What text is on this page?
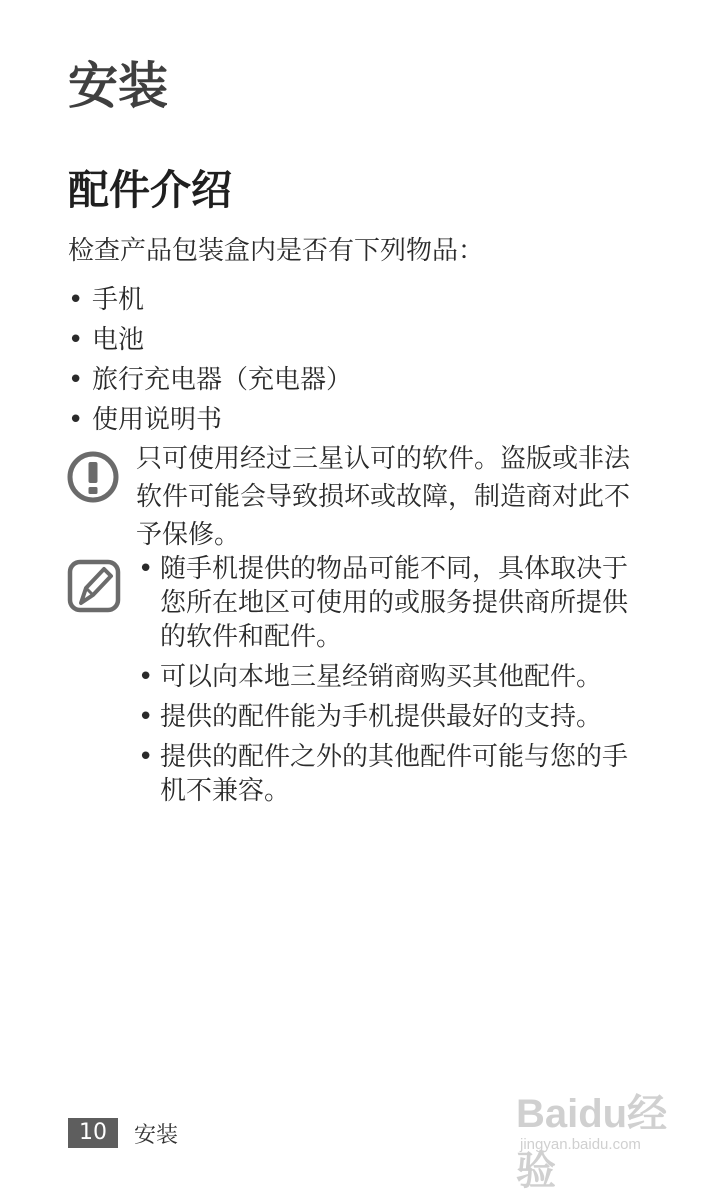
安装
配件介绍

检查产品包装盒内是否有下列物品：

• 手机
• 电池
• 旅行充电器（充电器）
• 使用说明书

只可使用经过三星认可的软件。盗版或非法软件可能会导致损坏或故障，制造商对此不予保修。

• 随手机提供的物品可能不同，具体取决于您所在地区可使用的或服务提供商所提供的软件和配件。
• 可以向本地三星经销商购买其他配件。
• 提供的配件能为手机提供最好的支持。
• 提供的配件之外的其他配件可能与您的手机不兼容。
10	安装	Baidu经验
jingyan.baidu.com
